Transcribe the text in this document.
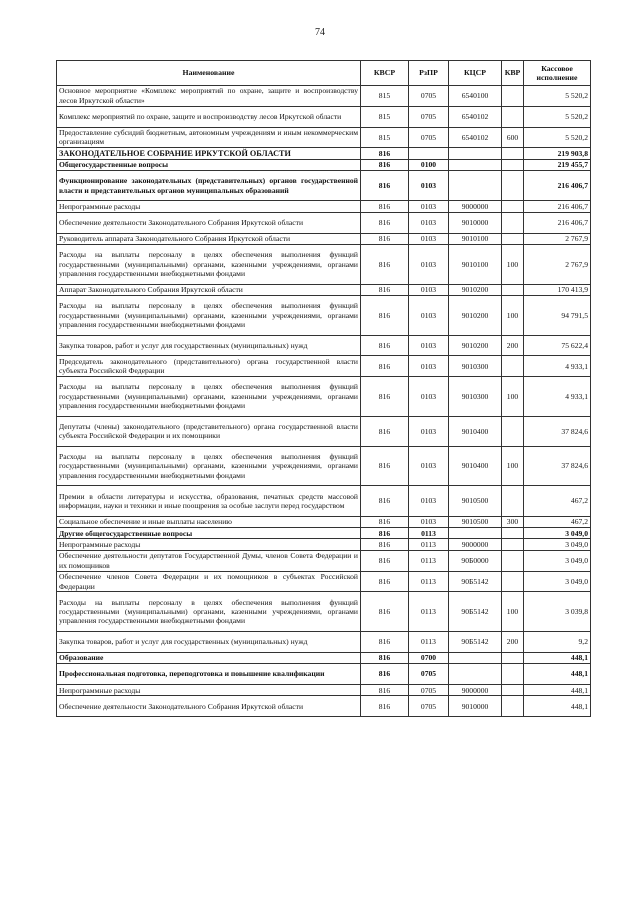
74
Наименование	КВСР	РзПР	КЦСР	КВР	Кассовое исполнение
Основное мероприятие «Комплекс мероприятий по охране, защите и воспроизводству лесов Иркутской области»	815	0705	6540100		5 520,2
Комплекс мероприятий по охране, защите и воспроизводству лесов Иркутской области	815	0705	6540102		5 520,2
Предоставление субсидий бюджетным, автономным учреждениям и иным некоммерческим организациям	815	0705	6540102	600	5 520,2
ЗАКОНОДАТЕЛЬНОЕ СОБРАНИЕ ИРКУТСКОЙ ОБЛАСТИ	816				219 903,8
Общегосударственные вопросы	816	0100			219 455,7
Функционирование законодательных (представительных) органов государственной власти и представительных органов муниципальных образований	816	0103			216 406,7
Непрограммные расходы	816	0103	9000000		216 406,7
Обеспечение деятельности Законодательного Собрания Иркутской области	816	0103	9010000		216 406,7
Руководитель аппарата Законодательного Собрания Иркутской области	816	0103	9010100		2 767,9
Расходы на выплаты персоналу в целях обеспечения выполнения функций государственными (муниципальными) органами, казенными учреждениями, органами управления государственными внебюджетными фондами	816	0103	9010100	100	2 767,9
Аппарат Законодательного Собрания Иркутской области	816	0103	9010200		170 413,9
Расходы на выплаты персоналу в целях обеспечения выполнения функций государственными (муниципальными) органами, казенными учреждениями, органами управления государственными внебюджетными фондами	816	0103	9010200	100	94 791,5
Закупка товаров, работ и услуг для государственных (муниципальных) нужд	816	0103	9010200	200	75 622,4
Председатель законодательного (представительного) органа государственной власти субъекта Российской Федерации	816	0103	9010300		4 933,1
Расходы на выплаты персоналу в целях обеспечения выполнения функций государственными (муниципальными) органами, казенными учреждениями, органами управления государственными внебюджетными фондами	816	0103	9010300	100	4 933,1
Депутаты (члены) законодательного (представительного) органа государственной власти субъекта Российской Федерации и их помощники	816	0103	9010400		37 824,6
Расходы на выплаты персоналу в целях обеспечения выполнения функций государственными (муниципальными) органами, казенными учреждениями, органами управления государственными внебюджетными фондами	816	0103	9010400	100	37 824,6
Премии в области литературы и искусства, образования, печатных средств массовой информации, науки и техники и иные поощрения за особые заслуги перед государством	816	0103	9010500		467,2
Социальное обеспечение и иные выплаты населению	816	0103	9010500	300	467,2
Другие общегосударственные вопросы	816	0113			3 049,0
Непрограммные расходы	816	0113	9000000		3 049,0
Обеспечение деятельности депутатов Государственной Думы, членов Совета Федерации и их помощников	816	0113	90Б0000		3 049,0
Обеспечение членов Совета Федерации и их помощников в субъектах Российской Федерации	816	0113	90Б5142		3 049,0
Расходы на выплаты персоналу в целях обеспечения выполнения функций государственными (муниципальными) органами, казенными учреждениями, органами управления государственными внебюджетными фондами	816	0113	90Б5142	100	3 039,8
Закупка товаров, работ и услуг для государственных (муниципальных) нужд	816	0113	90Б5142	200	9,2
Образование	816	0700			448,1
Профессиональная подготовка, переподготовка и повышение квалификации	816	0705			448,1
Непрограммные расходы	816	0705	9000000		448,1
Обеспечение деятельности Законодательного Собрания Иркутской области	816	0705	9010000		448,1
